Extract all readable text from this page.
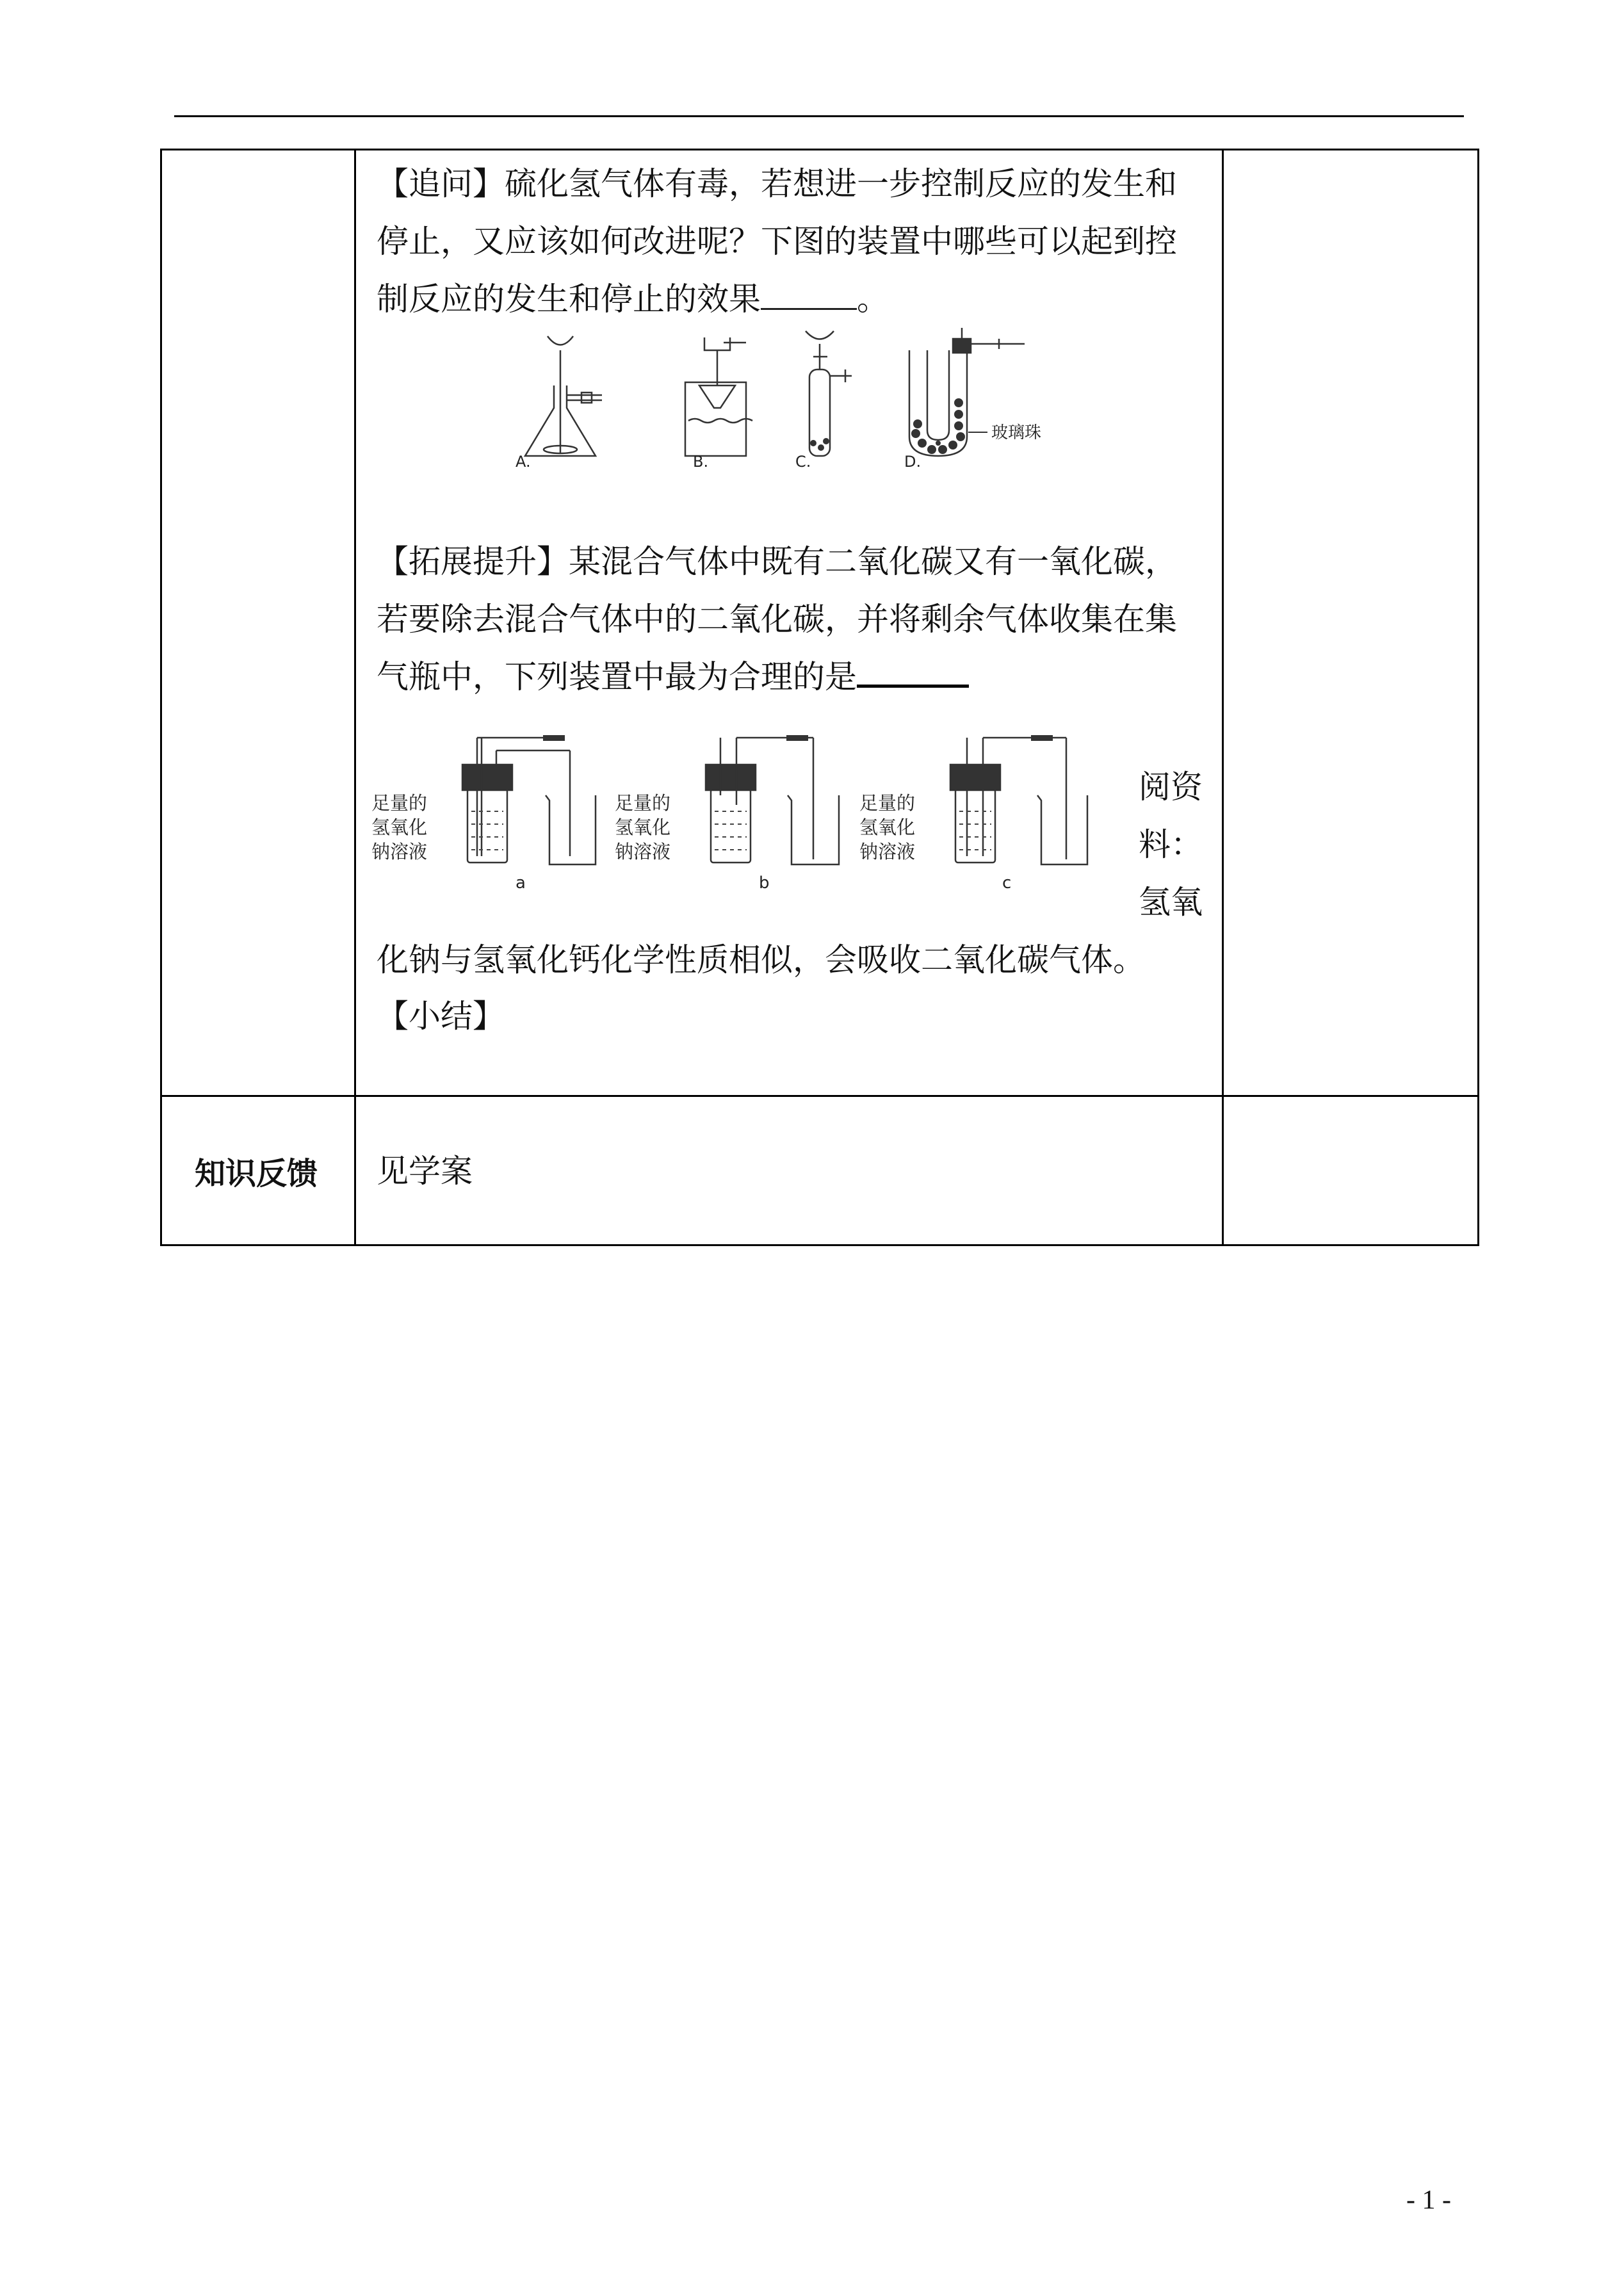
【追问】硫化氢气体有毒，若想进一步控制反应的发生和
停止，又应该如何改进呢？下图的装置中哪些可以起到控
制反应的发生和停止的效果	。
玻璃珠
A.	B.	C.	D.
【拓展提升】某混合气体中既有二氧化碳又有一氧化碳，
若要除去混合气体中的二氧化碳，并将剩余气体收集在集
气瓶中，下列装置中最为合理的是
足量的
氢氧化
钠溶液
足量的
氢氧化
钠溶液
足量的
氢氧化
钠溶液
a	b	c
阅资
料：
氢氧
化钠与氢氧化钙化学性质相似，会吸收二氧化碳气体。
【小结】
知识反馈	见学案
- 1 -
